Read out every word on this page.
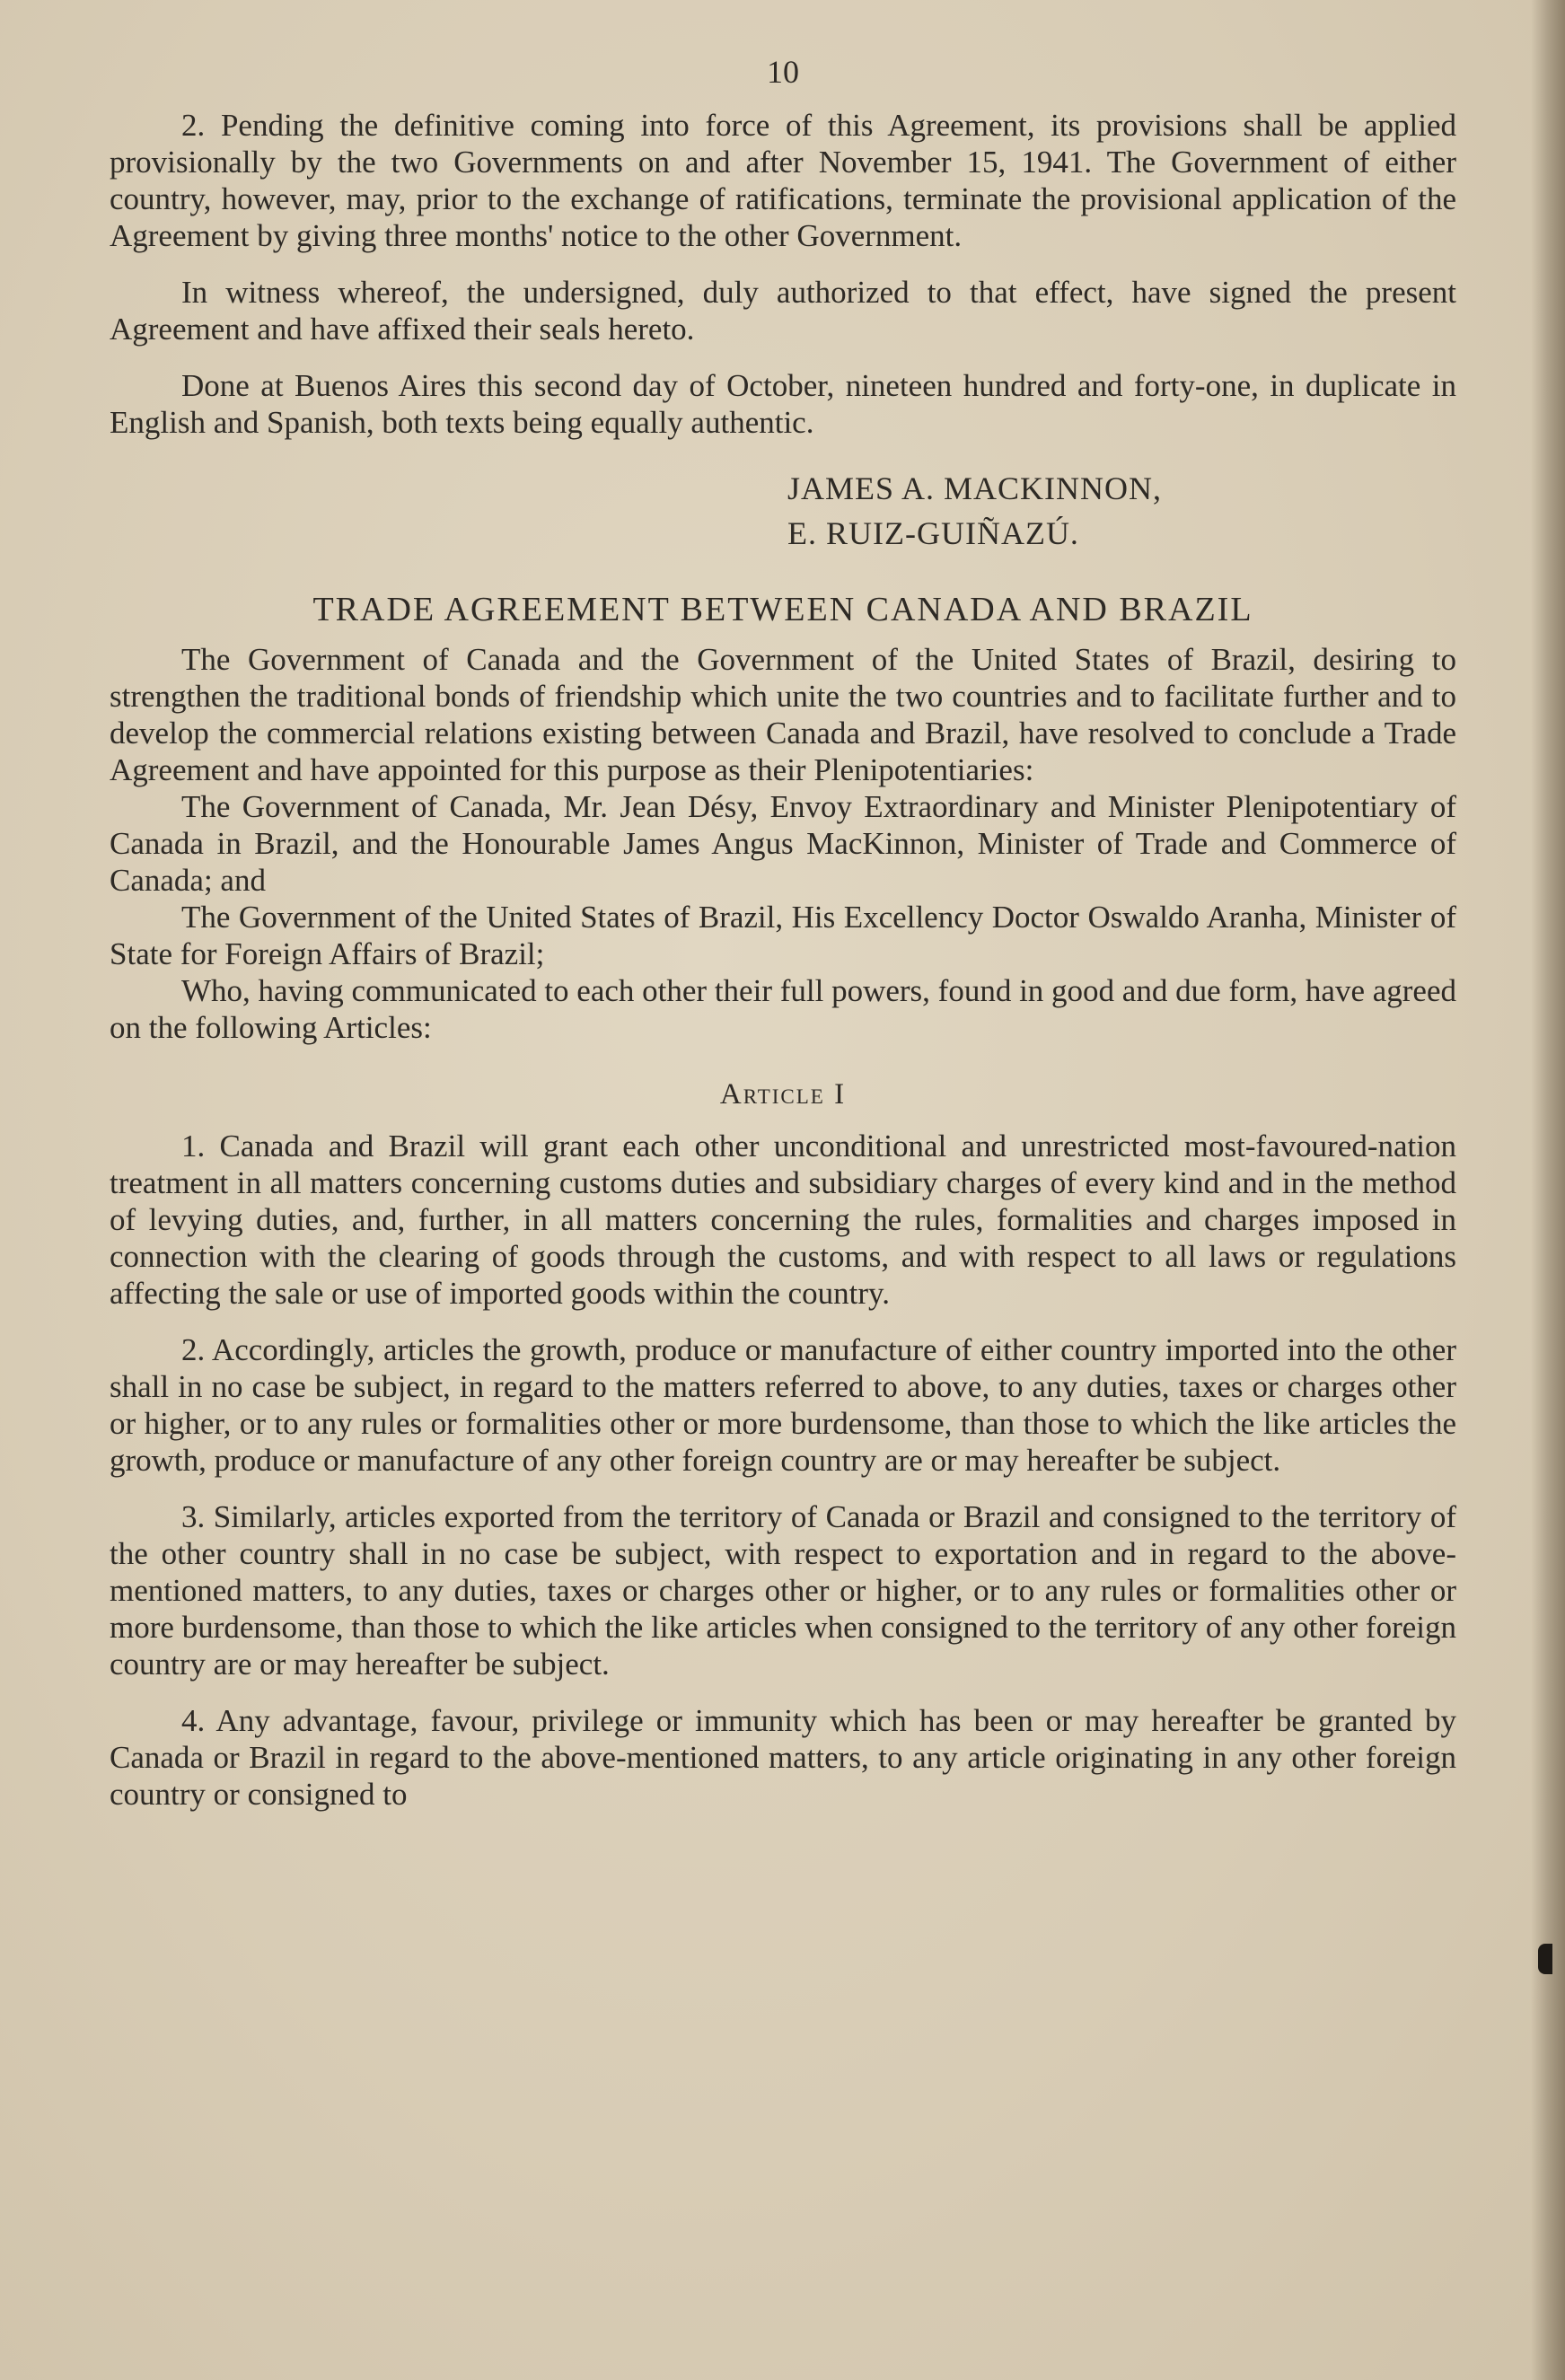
10

2. Pending the definitive coming into force of this Agreement, its provisions shall be applied provisionally by the two Governments on and after November 15, 1941. The Government of either country, however, may, prior to the exchange of ratifications, terminate the provisional application of the Agreement by giving three months' notice to the other Government.

In witness whereof, the undersigned, duly authorized to that effect, have signed the present Agreement and have affixed their seals hereto.

Done at Buenos Aires this second day of October, nineteen hundred and forty-one, in duplicate in English and Spanish, both texts being equally authentic.

JAMES A. MACKINNON,
E. RUIZ-GUIÑAZÚ.
TRADE AGREEMENT BETWEEN CANADA AND BRAZIL

The Government of Canada and the Government of the United States of Brazil, desiring to strengthen the traditional bonds of friendship which unite the two countries and to facilitate further and to develop the commercial relations existing between Canada and Brazil, have resolved to conclude a Trade Agreement and have appointed for this purpose as their Plenipotentiaries:

The Government of Canada, Mr. Jean Désy, Envoy Extraordinary and Minister Plenipotentiary of Canada in Brazil, and the Honourable James Angus MacKinnon, Minister of Trade and Commerce of Canada; and

The Government of the United States of Brazil, His Excellency Doctor Oswaldo Aranha, Minister of State for Foreign Affairs of Brazil;

Who, having communicated to each other their full powers, found in good and due form, have agreed on the following Articles:

Article I

1. Canada and Brazil will grant each other unconditional and unrestricted most-favoured-nation treatment in all matters concerning customs duties and subsidiary charges of every kind and in the method of levying duties, and, further, in all matters concerning the rules, formalities and charges imposed in connection with the clearing of goods through the customs, and with respect to all laws or regulations affecting the sale or use of imported goods within the country.

2. Accordingly, articles the growth, produce or manufacture of either country imported into the other shall in no case be subject, in regard to the matters referred to above, to any duties, taxes or charges other or higher, or to any rules or formalities other or more burdensome, than those to which the like articles the growth, produce or manufacture of any other foreign country are or may hereafter be subject.

3. Similarly, articles exported from the territory of Canada or Brazil and consigned to the territory of the other country shall in no case be subject, with respect to exportation and in regard to the above-mentioned matters, to any duties, taxes or charges other or higher, or to any rules or formalities other or more burdensome, than those to which the like articles when consigned to the territory of any other foreign country are or may hereafter be subject.

4. Any advantage, favour, privilege or immunity which has been or may hereafter be granted by Canada or Brazil in regard to the above-mentioned matters, to any article originating in any other foreign country or consigned to
